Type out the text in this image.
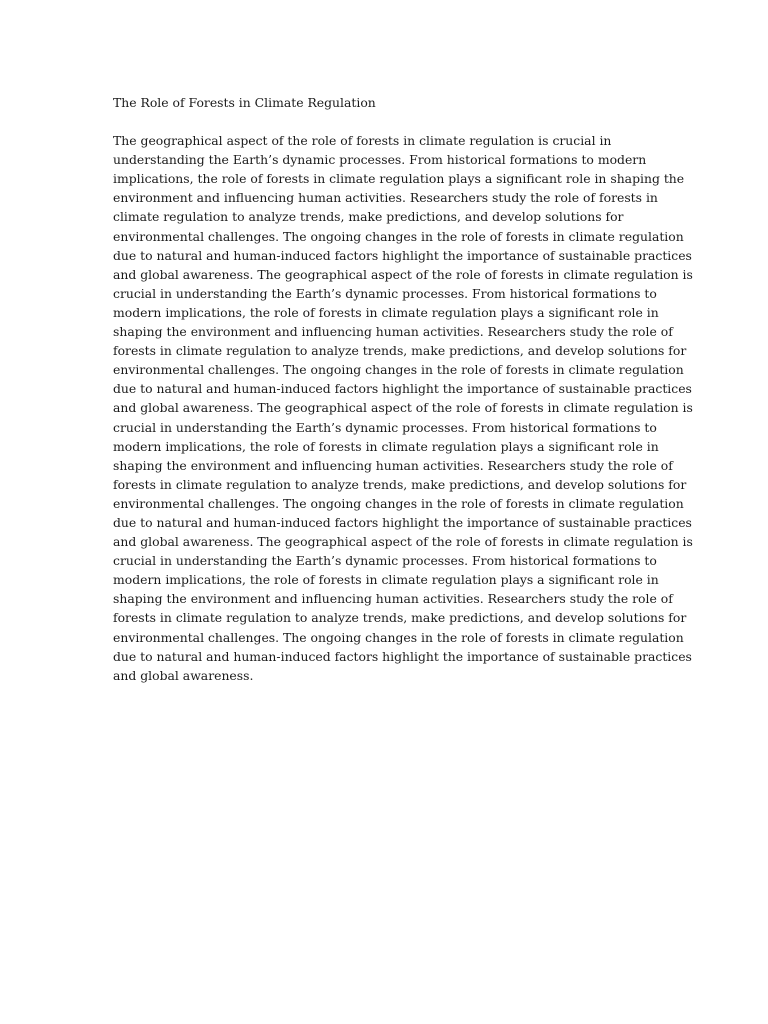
The Role of Forests in Climate Regulation
The geographical aspect of the role of forests in climate regulation is crucial in
understanding the Earth’s dynamic processes. From historical formations to modern
implications, the role of forests in climate regulation plays a significant role in shaping the
environment and influencing human activities. Researchers study the role of forests in
climate regulation to analyze trends, make predictions, and develop solutions for
environmental challenges. The ongoing changes in the role of forests in climate regulation
due to natural and human-induced factors highlight the importance of sustainable practices
and global awareness. The geographical aspect of the role of forests in climate regulation is
crucial in understanding the Earth’s dynamic processes. From historical formations to
modern implications, the role of forests in climate regulation plays a significant role in
shaping the environment and influencing human activities. Researchers study the role of
forests in climate regulation to analyze trends, make predictions, and develop solutions for
environmental challenges. The ongoing changes in the role of forests in climate regulation
due to natural and human-induced factors highlight the importance of sustainable practices
and global awareness. The geographical aspect of the role of forests in climate regulation is
crucial in understanding the Earth’s dynamic processes. From historical formations to
modern implications, the role of forests in climate regulation plays a significant role in
shaping the environment and influencing human activities. Researchers study the role of
forests in climate regulation to analyze trends, make predictions, and develop solutions for
environmental challenges. The ongoing changes in the role of forests in climate regulation
due to natural and human-induced factors highlight the importance of sustainable practices
and global awareness. The geographical aspect of the role of forests in climate regulation is
crucial in understanding the Earth’s dynamic processes. From historical formations to
modern implications, the role of forests in climate regulation plays a significant role in
shaping the environment and influencing human activities. Researchers study the role of
forests in climate regulation to analyze trends, make predictions, and develop solutions for
environmental challenges. The ongoing changes in the role of forests in climate regulation
due to natural and human-induced factors highlight the importance of sustainable practices
and global awareness.
